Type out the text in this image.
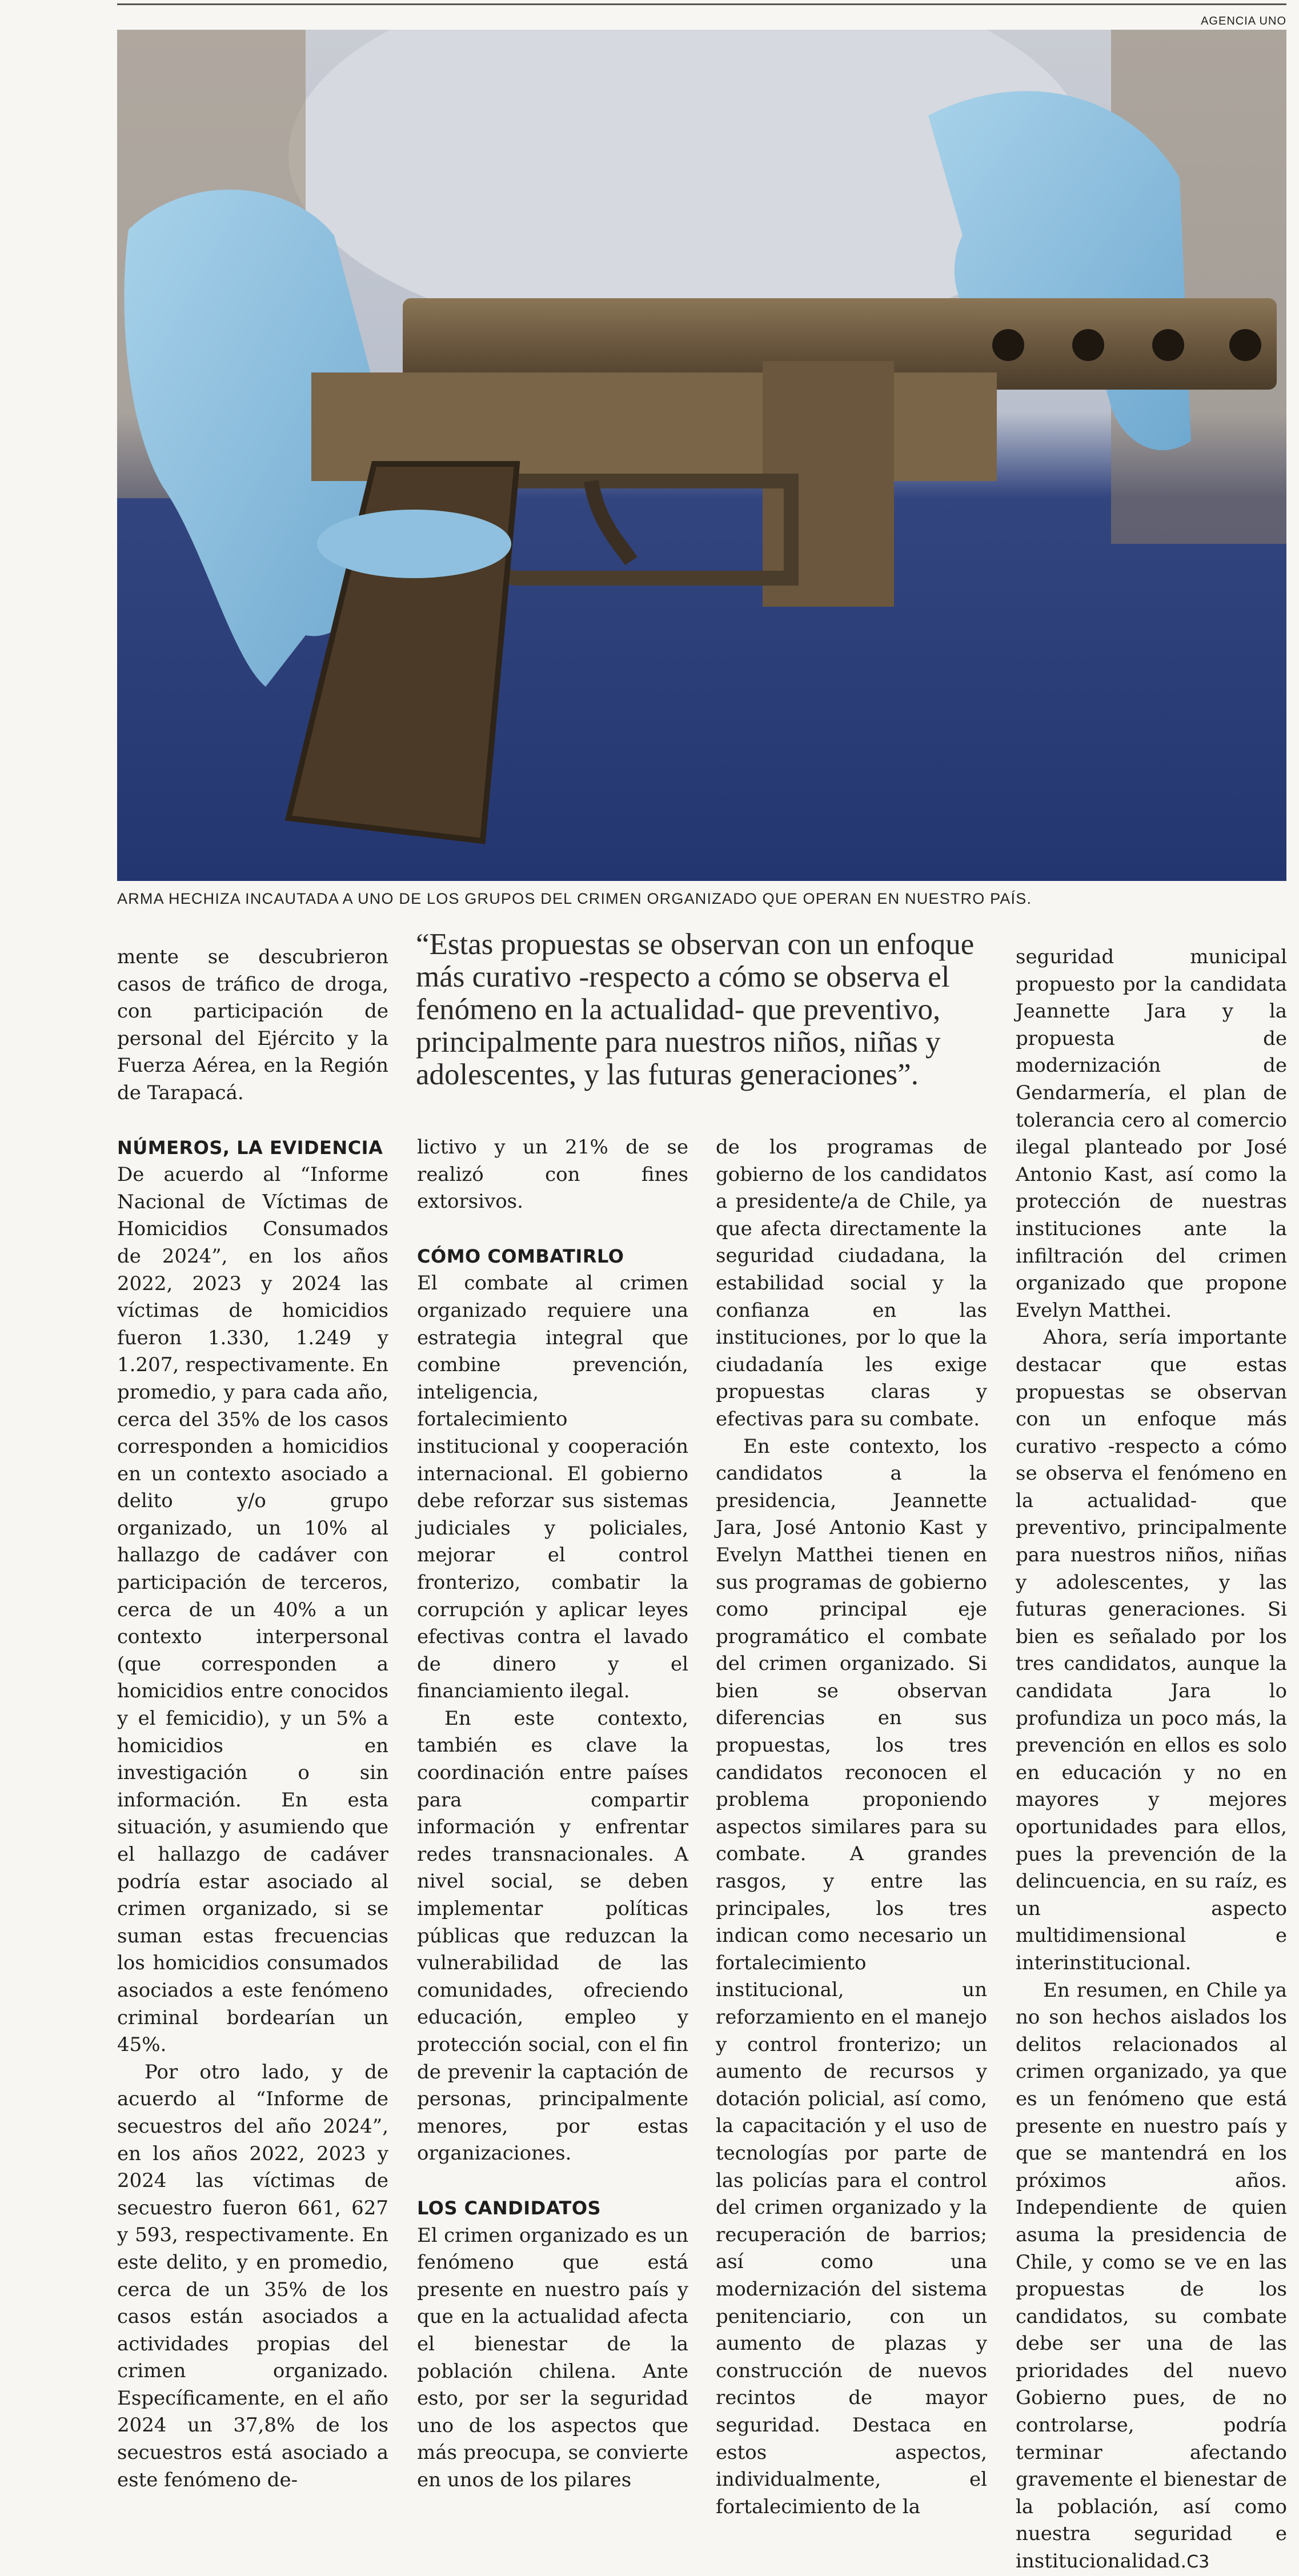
AGENCIA UNO
ARMA HECHIZA INCAUTADA A UNO DE LOS GRUPOS DEL CRIMEN ORGANIZADO QUE OPERAN EN NUESTRO PAÍS.
“Estas propuestas se observan con un enfoque más curativo -respecto a cómo se observa el fenómeno en la actualidad- que preventivo, principalmente para nuestros niños, niñas y adolescentes, y las futuras generaciones”.

mente se descubrieron casos de tráfico de droga, con participación de personal del Ejército y la Fuerza Aérea, en la Región de Tarapacá.

NÚMEROS, LA EVIDENCIA

De acuerdo al “Informe Nacional de Víctimas de Homicidios Consumados de 2024”, en los años 2022, 2023 y 2024 las víctimas de homicidios fueron 1.330, 1.249 y 1.207, respectivamente. En promedio, y para cada año, cerca del 35% de los casos corresponden a homicidios en un contexto asociado a delito y/o grupo organizado, un 10% al hallazgo de cadáver con participación de terceros, cerca de un 40% a un contexto interpersonal (que corresponden a homicidios entre conocidos y el femicidio), y un 5% a homicidios en investigación o sin información. En esta situación, y asumiendo que el hallazgo de cadáver podría estar asociado al crimen organizado, si se suman estas frecuencias los homicidios consumados asociados a este fenómeno criminal bordearían un 45%.

Por otro lado, y de acuerdo al “Informe de secuestros del año 2024”, en los años 2022, 2023 y 2024 las víctimas de secuestro fueron 661, 627 y 593, respectivamente. En este delito, y en promedio, cerca de un 35% de los casos están asociados a actividades propias del crimen organizado. Específicamente, en el año 2024 un 37,8% de los secuestros está asociado a este fenómeno de-

lictivo y un 21% de se realizó con fines extorsivos.

CÓMO COMBATIRLO

El combate al crimen organizado requiere una estrategia integral que combine prevención, inteligencia, fortalecimiento institucional y cooperación internacional. El gobierno debe reforzar sus sistemas judiciales y policiales, mejorar el control fronterizo, combatir la corrupción y aplicar leyes efectivas contra el lavado de dinero y el financiamiento ilegal.

En este contexto, también es clave la coordinación entre países para compartir información y enfrentar redes transnacionales. A nivel social, se deben implementar políticas públicas que reduzcan la vulnerabilidad de las comunidades, ofreciendo educación, empleo y protección social, con el fin de prevenir la captación de personas, principalmente menores, por estas organizaciones.

LOS CANDIDATOS

El crimen organizado es un fenómeno que está presente en nuestro país y que en la actualidad afecta el bienestar de la población chilena. Ante esto, por ser la seguridad uno de los aspectos que más preocupa, se convierte en unos de los pilares

de los programas de gobierno de los candidatos a presidente/a de Chile, ya que afecta directamente la seguridad ciudadana, la estabilidad social y la confianza en las instituciones, por lo que la ciudadanía les exige propuestas claras y efectivas para su combate.

En este contexto, los candidatos a la presidencia, Jeannette Jara, José Antonio Kast y Evelyn Matthei tienen en sus programas de gobierno como principal eje programático el combate del crimen organizado. Si bien se observan diferencias en sus propuestas, los tres candidatos reconocen el problema proponiendo aspectos similares para su combate. A grandes rasgos, y entre las principales, los tres indican como necesario un fortalecimiento institucional, un reforzamiento en el manejo y control fronterizo; un aumento de recursos y dotación policial, así como, la capacitación y el uso de tecnologías por parte de las policías para el control del crimen organizado y la recuperación de barrios; así como una modernización del sistema penitenciario, con un aumento de plazas y construcción de nuevos recintos de mayor seguridad. Destaca en estos aspectos, individualmente, el fortalecimiento de la

seguridad municipal propuesto por la candidata Jeannette Jara y la propuesta de modernización de Gendarmería, el plan de tolerancia cero al comercio ilegal planteado por José Antonio Kast, así como la protección de nuestras instituciones ante la infiltración del crimen organizado que propone Evelyn Matthei.

Ahora, sería importante destacar que estas propuestas se observan con un enfoque más curativo -respecto a cómo se observa el fenómeno en la actualidad- que preventivo, principalmente para nuestros niños, niñas y adolescentes, y las futuras generaciones. Si bien es señalado por los tres candidatos, aunque la candidata Jara lo profundiza un poco más, la prevención en ellos es solo en educación y no en mayores y mejores oportunidades para ellos, pues la prevención de la delincuencia, en su raíz, es un aspecto multidimensional e interinstitucional.

En resumen, en Chile ya no son hechos aislados los delitos relacionados al crimen organizado, ya que es un fenómeno que está presente en nuestro país y que se mantendrá en los próximos años. Independiente de quien asuma la presidencia de Chile, y como se ve en las propuestas de los candidatos, su combate debe ser una de las prioridades del nuevo Gobierno pues, de no controlarse, podría terminar afectando gravemente el bienestar de la población, así como nuestra seguridad e institucionalidad.C3
